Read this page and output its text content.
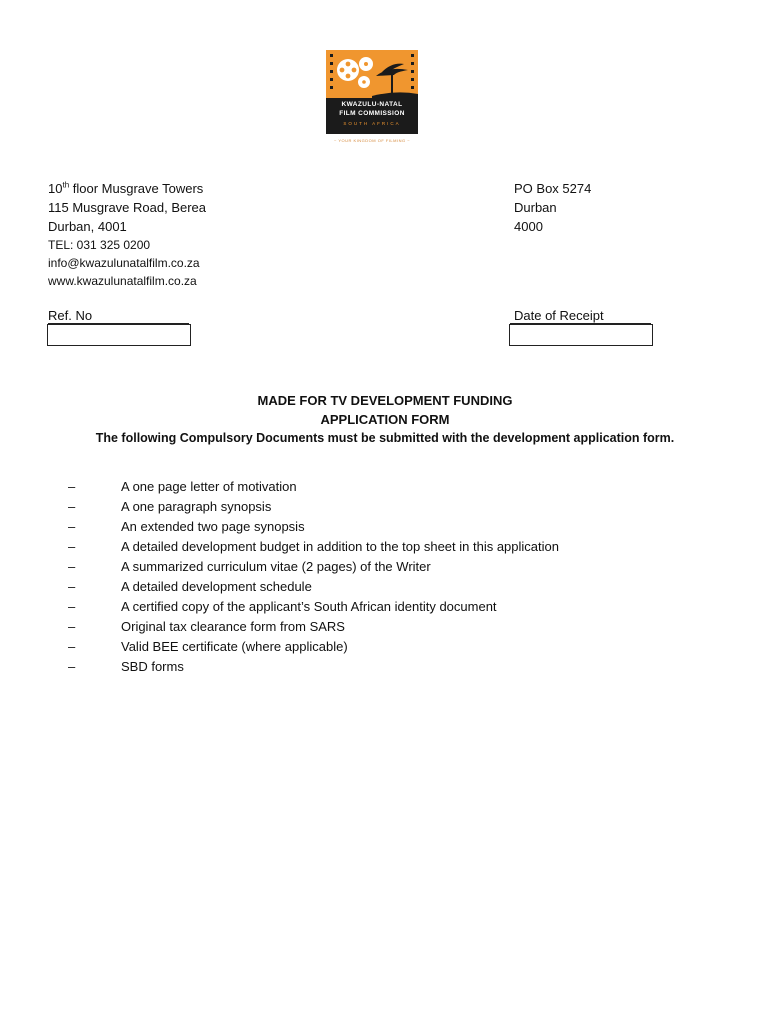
KWAZULU-NATAL
FILM COMMISSION
SOUTH AFRICA
~ YOUR KINGDOM OF FILMING ~
10th floor Musgrave Towers
115 Musgrave Road, Berea
Durban, 4001
TEL: 031 325 0200
info@kwazulunatalfilm.co.za
www.kwazulunatalfilm.co.za
PO Box 5274
Durban
4000
Ref. No	Date of Receipt
MADE FOR TV DEVELOPMENT FUNDING
APPLICATION FORM
The following Compulsory Documents must be submitted with the development application form.
–	A one page letter of motivation
–	A one paragraph synopsis
–	An extended two page synopsis
–	A detailed development budget in addition to the top sheet in this application
–	A summarized curriculum vitae (2 pages) of the Writer
–	A detailed development schedule
–	A certified copy of the applicant’s South African identity document
–	Original tax clearance form from SARS
–	Valid BEE certificate (where applicable)
–	SBD forms
